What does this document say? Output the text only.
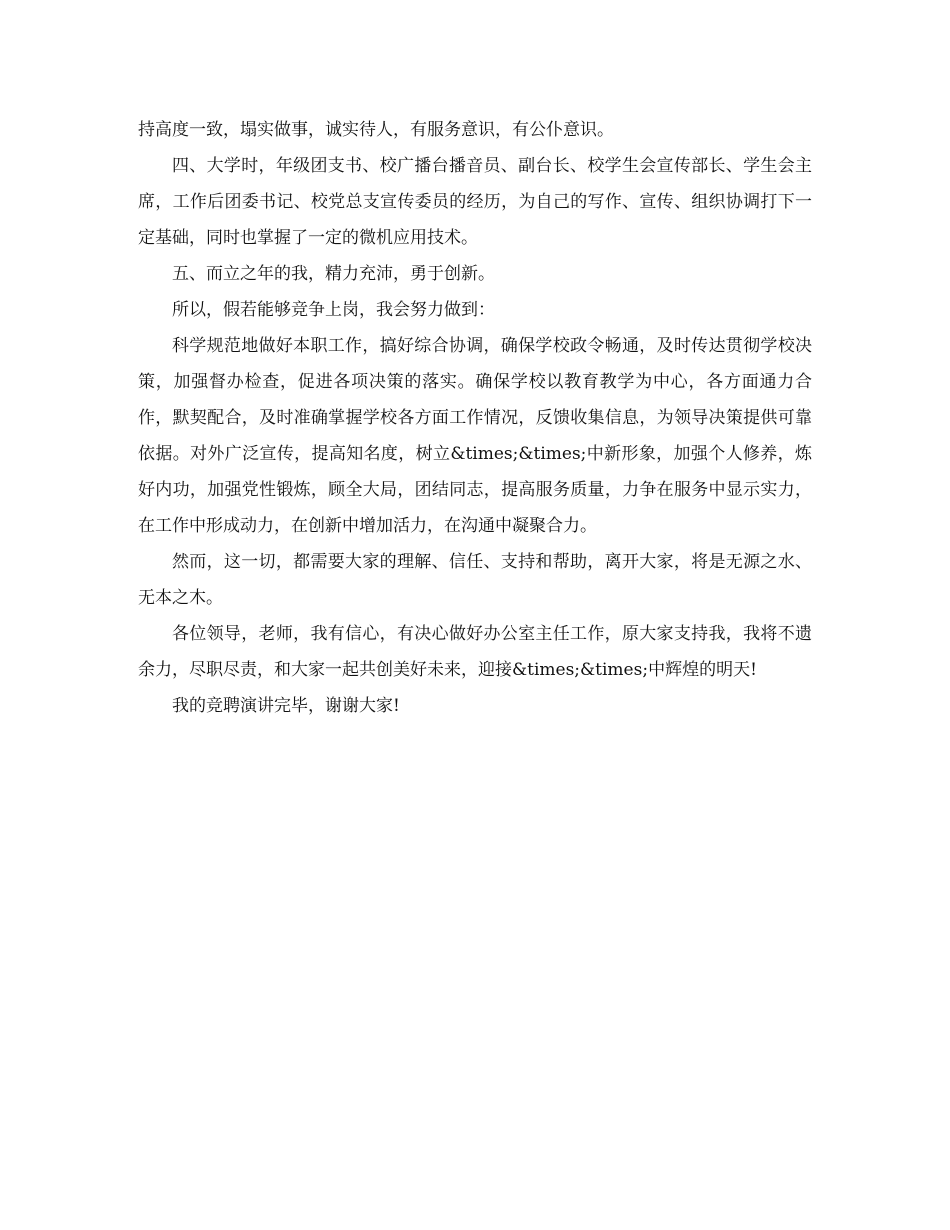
持高度一致，塌实做事，诚实待人，有服务意识，有公仆意识。

四、大学时，年级团支书、校广播台播音员、副台长、校学生会宣传部长、学生会主席，工作后团委书记、校党总支宣传委员的经历，为自己的写作、宣传、组织协调打下一定基础，同时也掌握了一定的微机应用技术。

五、而立之年的我，精力充沛，勇于创新。

所以，假若能够竞争上岗，我会努力做到：

科学规范地做好本职工作，搞好综合协调，确保学校政令畅通，及时传达贯彻学校决策，加强督办检查，促进各项决策的落实。确保学校以教育教学为中心，各方面通力合作，默契配合，及时准确掌握学校各方面工作情况，反馈收集信息，为领导决策提供可靠依据。对外广泛宣传，提高知名度，树立&times;&times;中新形象，加强个人修养，炼好内功，加强党性锻炼，顾全大局，团结同志，提高服务质量，力争在服务中显示实力，在工作中形成动力，在创新中增加活力，在沟通中凝聚合力。

然而，这一切，都需要大家的理解、信任、支持和帮助，离开大家，将是无源之水、无本之木。

各位领导，老师，我有信心，有决心做好办公室主任工作，原大家支持我，我将不遗余力，尽职尽责，和大家一起共创美好未来，迎接&times;&times;中辉煌的明天!

我的竞聘演讲完毕，谢谢大家!
